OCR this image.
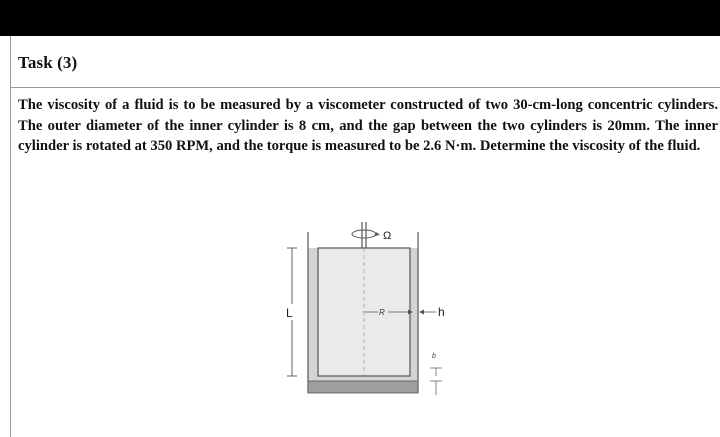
Task (3)
The viscosity of a fluid is to be measured by a viscometer constructed of two 30-cm-long concentric cylinders. The outer diameter of the inner cylinder is 8 cm, and the gap between the two cylinders is 20mm. The inner cylinder is rotated at 350 RPM, and the torque is measured to be 2.6 N·m. Determine the viscosity of the fluid.
Ω
L	R	h
b
